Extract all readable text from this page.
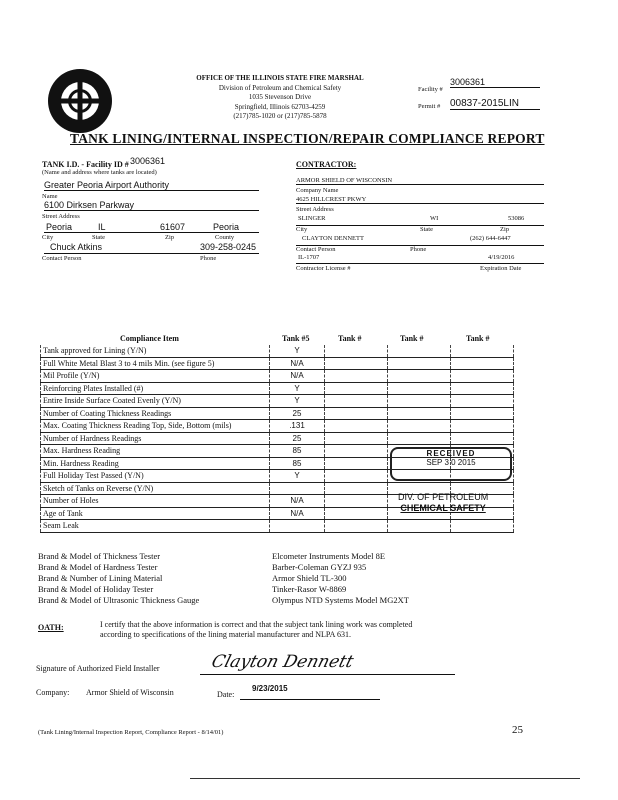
OFFICE OF THE ILLINOIS STATE FIRE MARSHAL
Division of Petroleum and Chemical Safety
1035 Stevenson Drive
Springfield, Illinois 62703-4259
(217)785-1020 or (217)785-5878
Facility #
3006361
Permit # 00837-2015LIN
TANK LINING/INTERNAL INSPECTION/REPAIR COMPLIANCE REPORT
TANK I.D. - Facility ID # 3006361
(Name and address where tanks are located)
Greater Peoria Airport Authority
Name
6100 Dirksen Parkway
Street Address
Peoria	IL	61607	Peoria
City	State	Zip	County
Chuck Atkins	309-258-0245
Contact Person	Phone
CONTRACTOR:
ARMOR SHIELD OF WISCONSIN
Company Name
4625 HILLCREST PKWY
Street Address
SLINGER	WI	53086
City	State	Zip
CLAYTON DENNETT	(262) 644-6447
Contact Person	Phone
IL-1707	4/19/2016
Contractor License #	Expiration Date
Compliance Item	Tank #5	Tank #	Tank #	Tank #
Tank approved for Lining (Y/N)	Y			
Full White Metal Blast 3 to 4 mils Min. (see figure 5)	N/A			
Mil Profile (Y/N)	N/A			
Reinforcing Plates Installed (#)	Y			
Entire Inside Surface Coated Evenly (Y/N)	Y			
Number of Coating Thickness Readings	25			
Max. Coating Thickness Reading Top, Side, Bottom (mils)	.131			
Number of Hardness Readings	25			
Max. Hardness Reading	85			
Min. Hardness Reading	85			
Full Holiday Test Passed (Y/N)	Y			
Sketch of Tanks on Reverse (Y/N)				
Number of Holes	N/A			
Age of Tank	N/A			
Seam Leak				
RECEIVED
SEP 3 0 2015
DIV. OF PETROLEUM
CHEMICAL SAFETY
Brand & Model of Thickness Tester	Elcometer Instruments Model 8E
Brand & Model of Hardness Tester	Barber-Coleman GYZJ 935
Brand & Number of Lining Material	Armor Shield TL-300
Brand & Model of Holiday Tester	Tinker-Rasor W-8869
Brand & Model of Ultrasonic Thickness Gauge	Olympus NTD Systems Model MG2XT
OATH:	I certify that the above information is correct and that the subject tank lining work was completed
according to specifications of the lining material manufacturer and NLPA 631.
Signature of Authorized Field Installer	Clayton Dennett
Company: Armor Shield of Wisconsin	Date:
9/23/2015
(Tank Lining/Internal Inspection Report, Compliance Report - 8/14/01)	25
